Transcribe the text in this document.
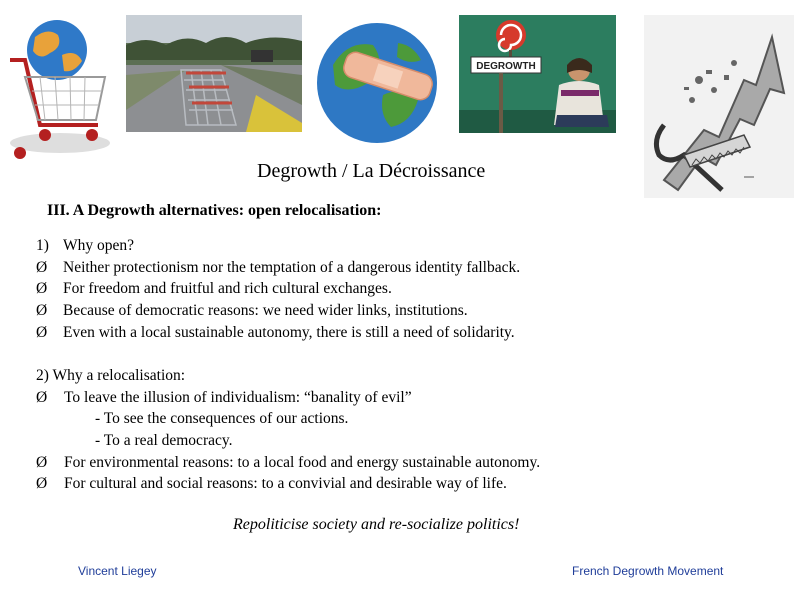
DEGROWTH
Degrowth / La Décroissance
III. A Degrowth alternatives: open relocalisation:
1) Why open?
Ø Neither protectionism nor the temptation of a dangerous identity fallback.
Ø For freedom and fruitful and rich cultural exchanges.
Ø Because of democratic reasons: we need wider links, institutions.
Ø Even with a local sustainable autonomy, there is still a need of solidarity.
2) Why a relocalisation:
Ø To leave the illusion of individualism: “banality of evil”
- To see the consequences of our actions.
- To a real democracy.
Ø For environmental reasons: to a local food and energy sustainable autonomy.
Ø For cultural and social reasons: to a convivial and desirable way of life.
Repoliticise society and re-socialize politics!
Vincent Liegey	French Degrowth Movement
